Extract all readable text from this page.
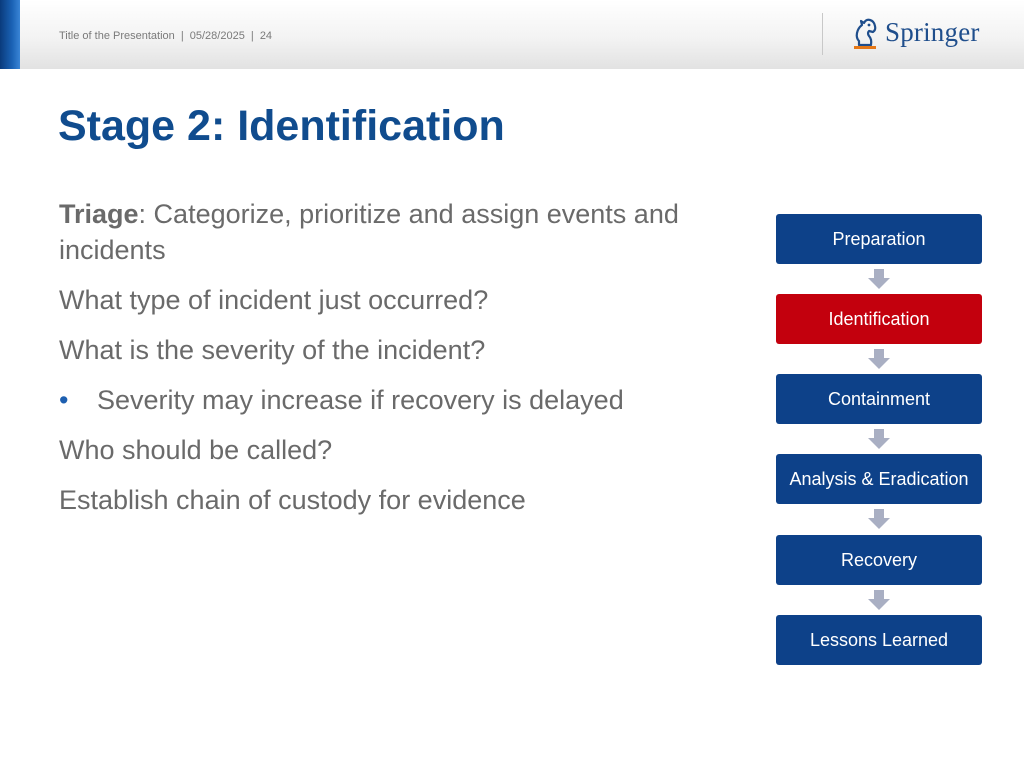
Title of the Presentation | 05/28/2025 | 24	Springer
Stage 2: Identification

Triage: Categorize, prioritize and assign events and incidents

What type of incident just occurred?

What is the severity of the incident?

•	Severity may increase if recovery is delayed

Who should be called?

Establish chain of custody for evidence

Preparation
Identification
Containment
Analysis & Eradication
Recovery
Lessons Learned
